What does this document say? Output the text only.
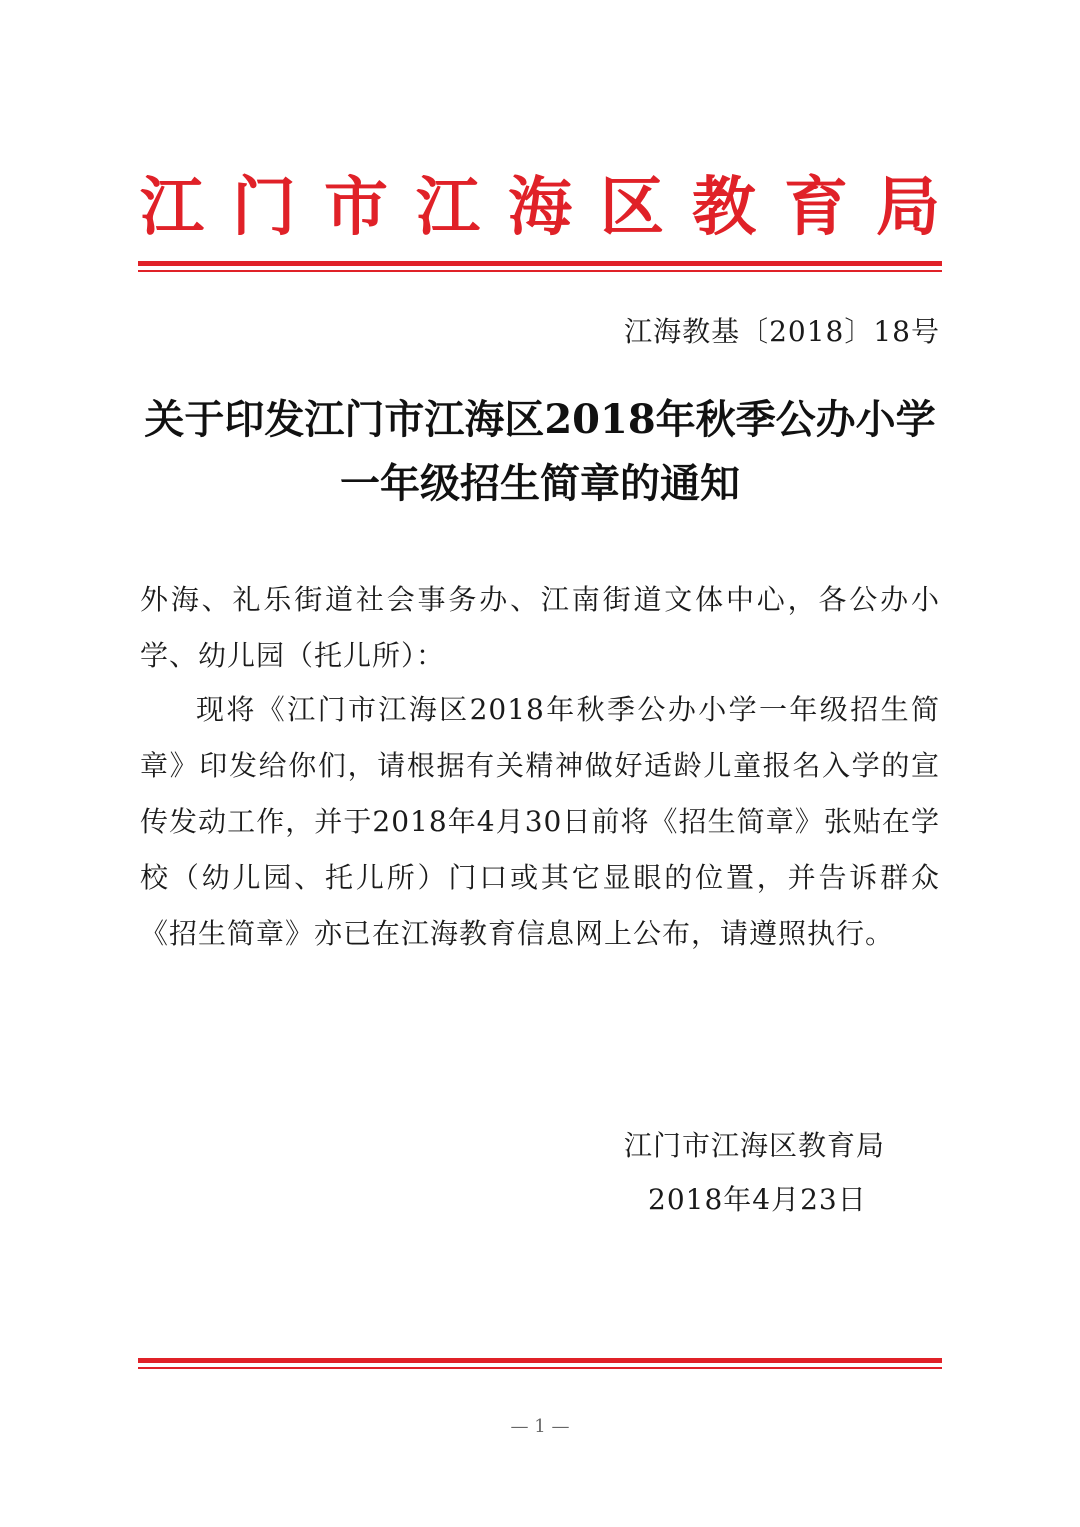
江 门 市 江 海 区 教 育 局
江海教基〔2018〕18号
关于印发江门市江海区2018年秋季公办小学
一年级招生简章的通知
外海、礼乐街道社会事务办、江南街道文体中心，各公办小学、幼儿园（托儿所）：
现将《江门市江海区2018年秋季公办小学一年级招生简章》印发给你们，请根据有关精神做好适龄儿童报名入学的宣传发动工作，并于2018年4月30日前将《招生简章》张贴在学校（幼儿园、托儿所）门口或其它显眼的位置，并告诉群众《招生简章》亦已在江海教育信息网上公布，请遵照执行。
江门市江海区教育局
2018年4月23日
— 1 —
